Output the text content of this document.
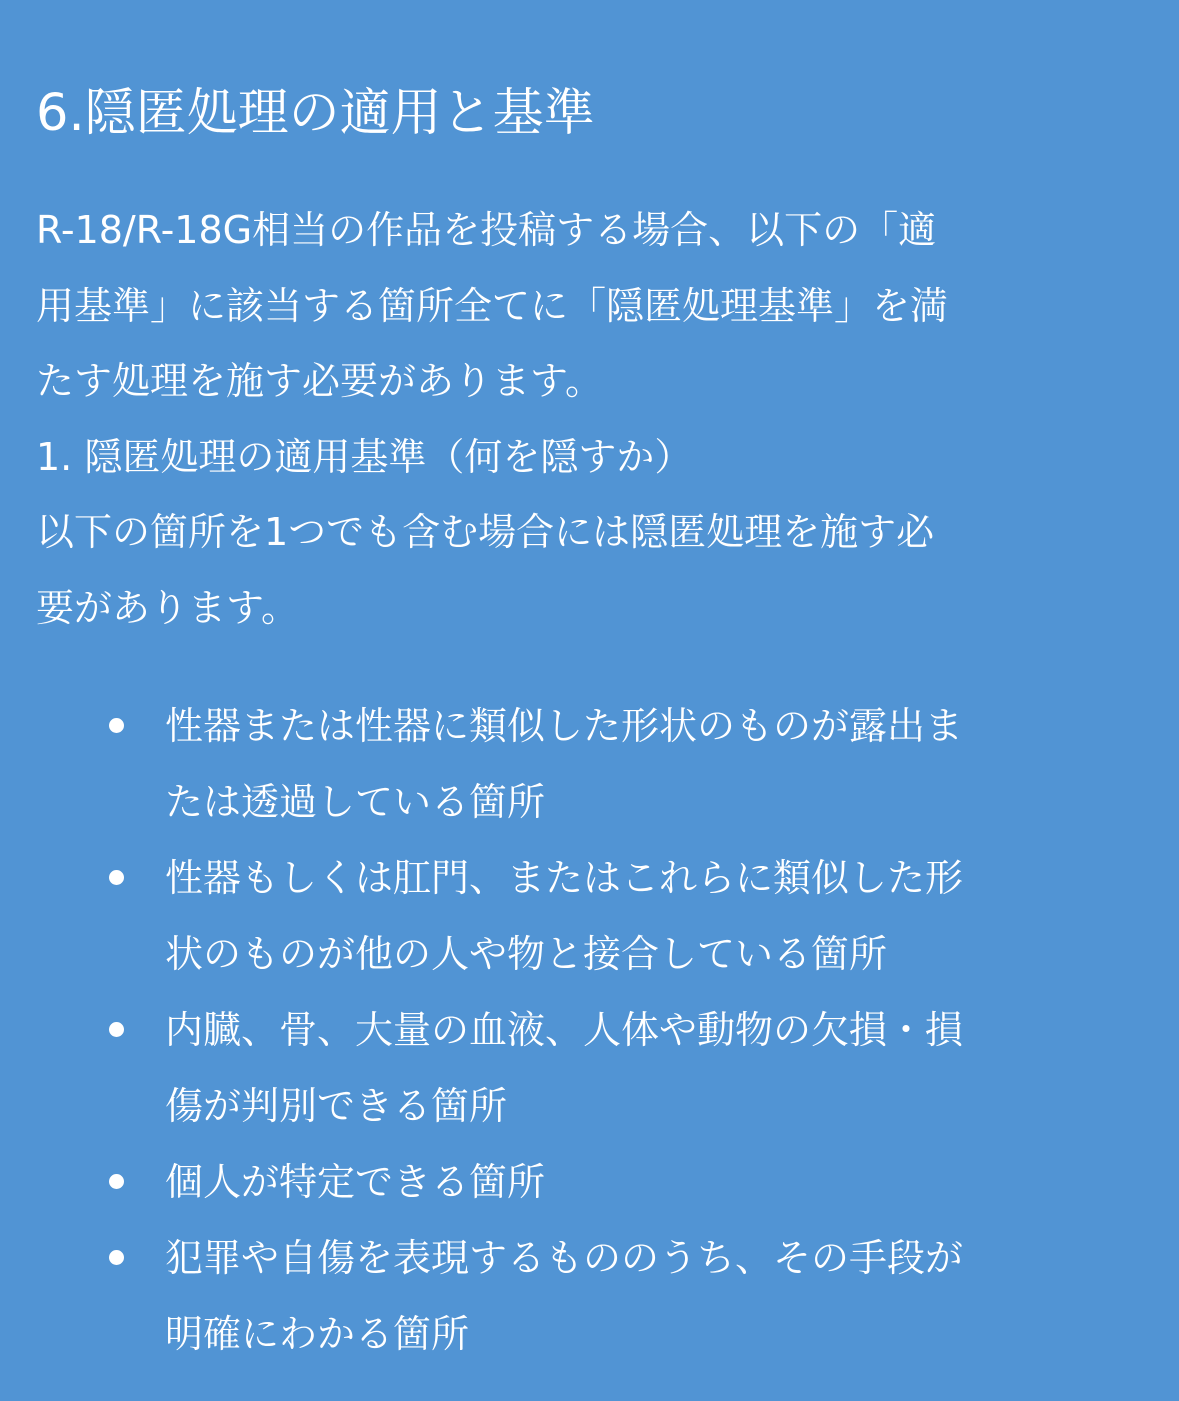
6.隠匿処理の適用と基準

R-18/R-18G相当の作品を投稿する場合、以下の「適
用基準」に該当する箇所全てに「隠匿処理基準」を満
たす処理を施す必要があります。
1. 隠匿処理の適用基準（何を隠すか）
以下の箇所を1つでも含む場合には隠匿処理を施す必
要があります。

性器または性器に類似した形状のものが露出ま
たは透過している箇所
性器もしくは肛門、またはこれらに類似した形
状のものが他の人や物と接合している箇所
内臓、骨、大量の血液、人体や動物の欠損・損
傷が判別できる箇所
個人が特定できる箇所
犯罪や自傷を表現するもののうち、その手段が
明確にわかる箇所
